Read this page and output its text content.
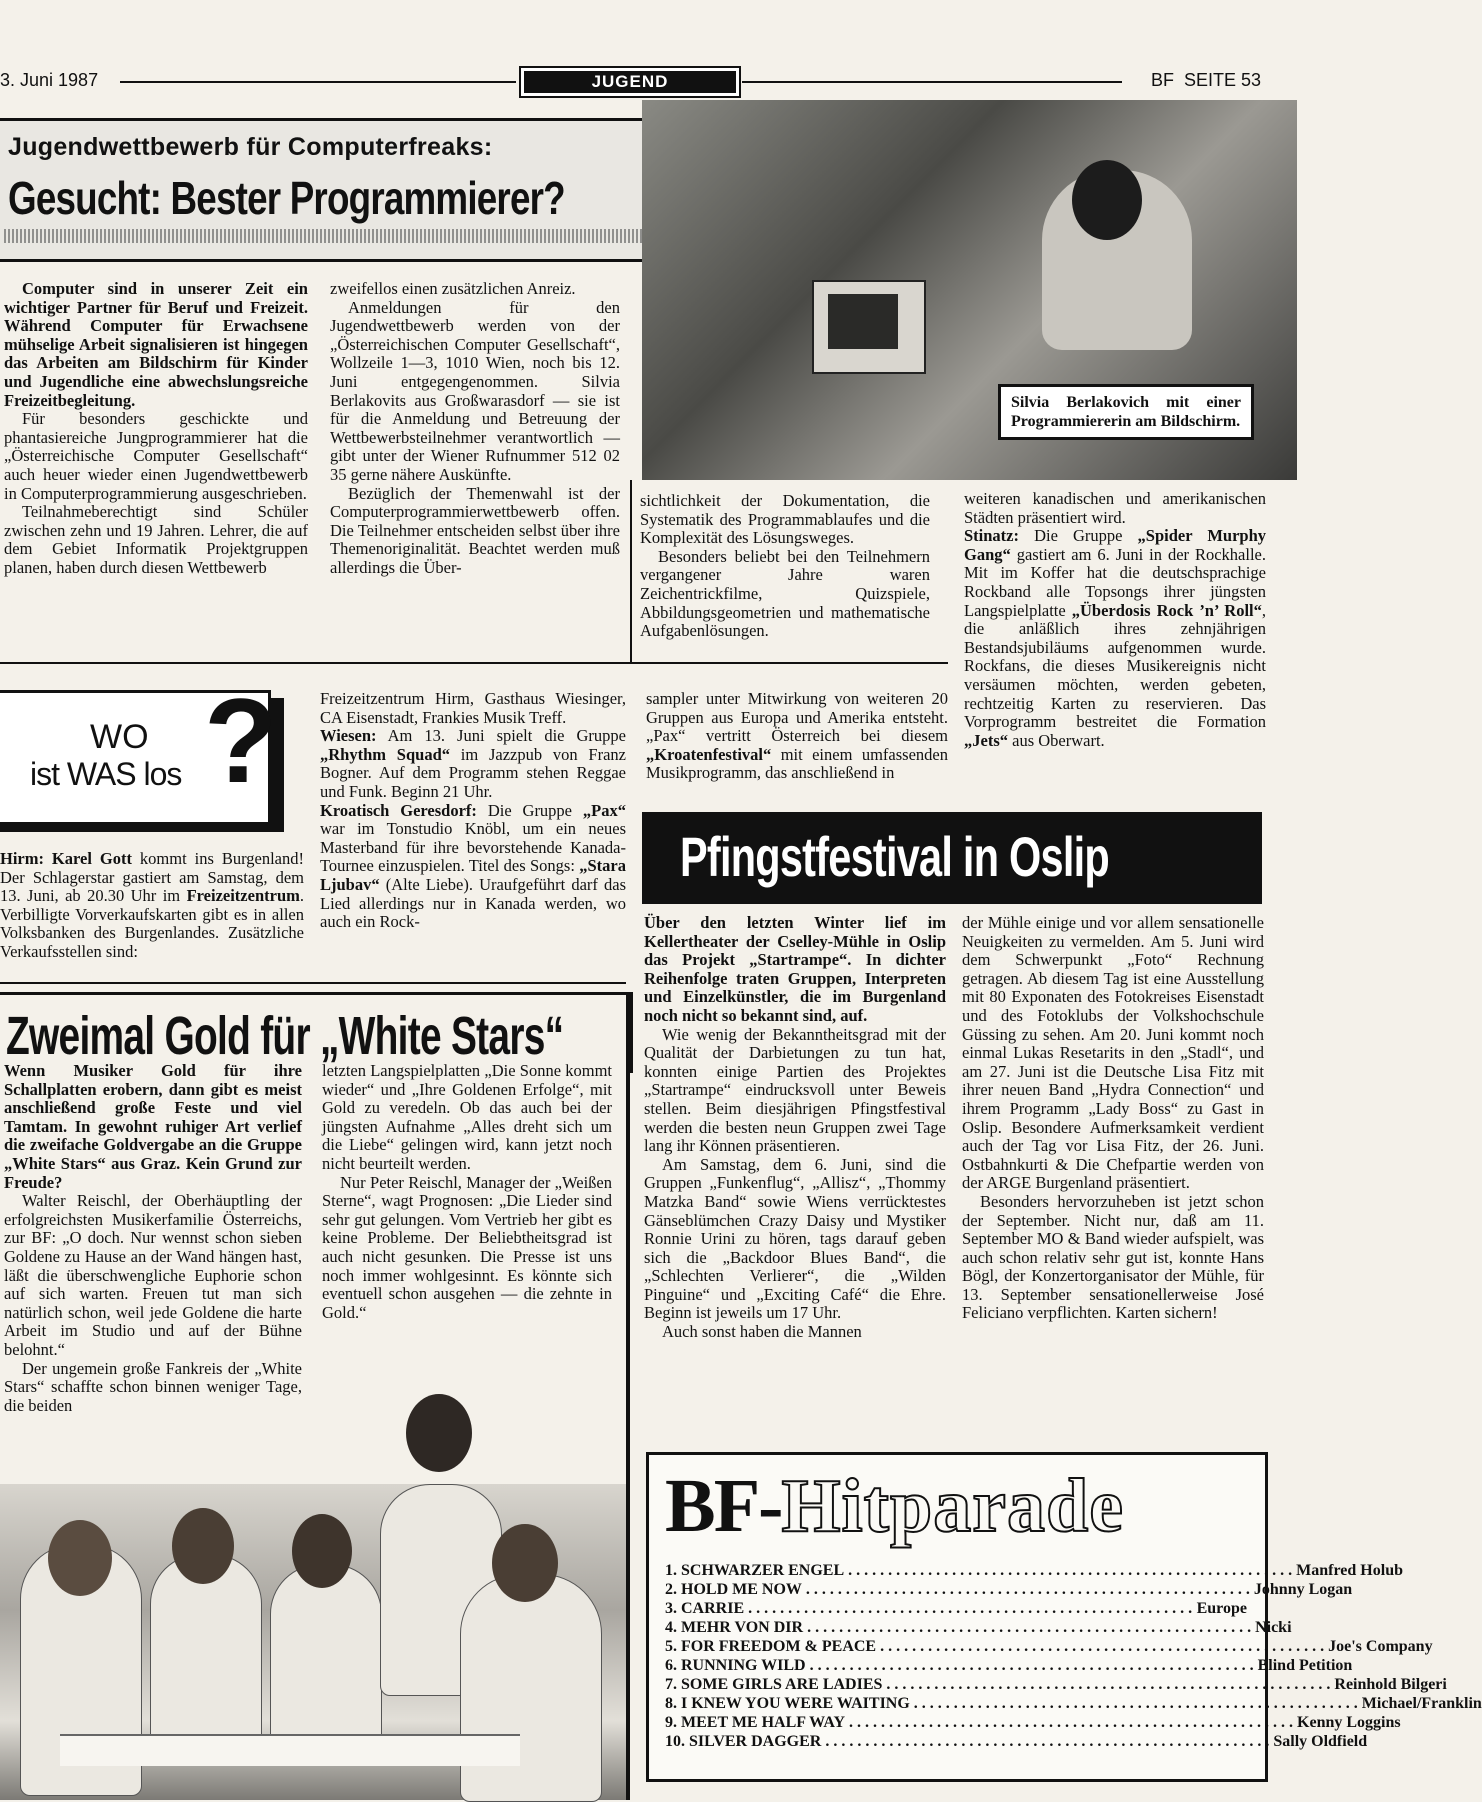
3. Juni 1987	JUGEND	BF  SEITE 53
Jugendwettbewerb für Computerfreaks:
Gesucht: Bester Programmierer?
Silvia Berlakovich mit einer Programmiererin am Bildschirm.

Computer sind in unserer Zeit ein wichtiger Partner für Beruf und Freizeit. Während Computer für Erwachsene mühselige Arbeit signalisieren ist hingegen das Arbeiten am Bildschirm für Kinder und Jugendliche eine abwechslungsreiche Freizeitbegleitung.

Für besonders geschickte und phantasiereiche Jungprogrammierer hat die „Österreichische Computer Gesellschaft“ auch heuer wieder einen Jugendwettbewerb in Computerprogrammierung ausgeschrieben.

Teilnahmeberechtigt sind Schüler zwischen zehn und 19 Jahren. Lehrer, die auf dem Gebiet Informatik Projektgruppen planen, haben durch diesen Wettbewerb

zweifellos einen zusätzlichen Anreiz.

Anmeldungen für den Jugendwettbewerb werden von der „Österreichischen Computer Gesellschaft“, Wollzeile 1—3, 1010 Wien, noch bis 12. Juni entgegengenommen. Silvia Berlakovits aus Großwarasdorf — sie ist für die Anmeldung und Betreuung der Wettbewerbsteilnehmer verantwortlich — gibt unter der Wiener Rufnummer 512 02 35 gerne nähere Auskünfte.

Bezüglich der Themenwahl ist der Computerprogrammierwettbewerb offen. Die Teilnehmer entscheiden selbst über ihre Themenoriginalität. Beachtet werden muß allerdings die Über-

sichtlichkeit der Dokumentation, die Systematik des Programmablaufes und die Komplexität des Lösungsweges.

Besonders beliebt bei den Teilnehmern vergangener Jahre waren Zeichentrickfilme, Quizspiele, Abbildungsgeometrien und mathematische Aufgabenlösungen.

WO
ist WAS los ?

Hirm: Karel Gott kommt ins Burgenland! Der Schlagerstar gastiert am Samstag, dem 13. Juni, ab 20.30 Uhr im Freizeitzentrum. Verbilligte Vorverkaufskarten gibt es in allen Volksbanken des Burgenlandes. Zusätzliche Verkaufsstellen sind:

Freizeitzentrum Hirm, Gasthaus Wiesinger, CA Eisenstadt, Frankies Musik Treff.

Wiesen: Am 13. Juni spielt die Gruppe „Rhythm Squad“ im Jazzpub von Franz Bogner. Auf dem Programm stehen Reggae und Funk. Beginn 21 Uhr.

Kroatisch Geresdorf: Die Gruppe „Pax“ war im Tonstudio Knöbl, um ein neues Masterband für ihre bevorstehende Kanada-Tournee einzuspielen. Titel des Songs: „Stara Ljubav“ (Alte Liebe). Uraufgeführt darf das Lied allerdings nur in Kanada werden, wo auch ein Rock-

sampler unter Mitwirkung von weiteren 20 Gruppen aus Europa und Amerika entsteht. „Pax“ vertritt Österreich bei diesem „Kroatenfestival“ mit einem umfassenden Musikprogramm, das anschließend in

weiteren kanadischen und amerikanischen Städten präsentiert wird.

Stinatz: Die Gruppe „Spider Murphy Gang“ gastiert am 6. Juni in der Rockhalle. Mit im Koffer hat die deutschsprachige Rockband alle Topsongs ihrer jüngsten Langspielplatte „Überdosis Rock ’n’ Roll“, die anläßlich ihres zehnjährigen Bestandsjubiläums aufgenommen wurde. Rockfans, die dieses Musikereignis nicht versäumen möchten, werden gebeten, rechtzeitig Karten zu reservieren. Das Vorprogramm bestreitet die Formation „Jets“ aus Oberwart.

Pfingstfestival in Oslip

Über den letzten Winter lief im Kellertheater der Cselley-Mühle in Oslip das Projekt „Startrampe“. In dichter Reihenfolge traten Gruppen, Interpreten und Einzelkünstler, die im Burgenland noch nicht so bekannt sind, auf.

Wie wenig der Bekanntheitsgrad mit der Qualität der Darbietungen zu tun hat, konnten einige Partien des Projektes „Startrampe“ eindrucksvoll unter Beweis stellen. Beim diesjährigen Pfingstfestival werden die besten neun Gruppen zwei Tage lang ihr Können präsentieren.

Am Samstag, dem 6. Juni, sind die Gruppen „Funkenflug“, „Allisz“, „Thommy Matzka Band“ sowie Wiens verrücktestes Gänseblümchen Crazy Daisy und Mystiker Ronnie Urini zu hören, tags darauf geben sich die „Backdoor Blues Band“, die „Schlechten Verlierer“, die „Wilden Pinguine“ und „Exciting Café“ die Ehre. Beginn ist jeweils um 17 Uhr.

Auch sonst haben die Mannen

der Mühle einige und vor allem sensationelle Neuigkeiten zu vermelden. Am 5. Juni wird dem Schwerpunkt „Foto“ Rechnung getragen. Ab diesem Tag ist eine Ausstellung mit 80 Exponaten des Fotokreises Eisenstadt und des Fotoklubs der Volkshochschule Güssing zu sehen. Am 20. Juni kommt noch einmal Lukas Resetarits in den „Stadl“, und am 27. Juni ist die Deutsche Lisa Fitz mit ihrer neuen Band „Hydra Connection“ und ihrem Programm „Lady Boss“ zu Gast in Oslip. Besondere Aufmerksamkeit verdient auch der Tag vor Lisa Fitz, der 26. Juni. Ostbahnkurti & Die Chefpartie werden von der ARGE Burgenland präsentiert.

Besonders hervorzuheben ist jetzt schon der September. Nicht nur, daß am 11. September MO & Band wieder aufspielt, was auch schon relativ sehr gut ist, konnte Hans Bögl, der Konzertorganisator der Mühle, für 13. September sensationellerweise José Feliciano verpflichten. Karten sichern!

Zweimal Gold für „White Stars“

Wenn Musiker Gold für ihre Schallplatten erobern, dann gibt es meist anschließend große Feste und viel Tamtam. In gewohnt ruhiger Art verlief die zweifache Goldvergabe an die Gruppe „White Stars“ aus Graz. Kein Grund zur Freude?

Walter Reischl, der Oberhäuptling der erfolgreichsten Musikerfamilie Österreichs, zur BF: „O doch. Nur wennst schon sieben Goldene zu Hause an der Wand hängen hast, läßt die überschwengliche Euphorie schon auf sich warten. Freuen tut man sich natürlich schon, weil jede Goldene die harte Arbeit im Studio und auf der Bühne belohnt.“

Der ungemein große Fankreis der „White Stars“ schaffte schon binnen weniger Tage, die beiden

letzten Langspielplatten „Die Sonne kommt wieder“ und „Ihre Goldenen Erfolge“, mit Gold zu veredeln. Ob das auch bei der jüngsten Aufnahme „Alles dreht sich um die Liebe“ gelingen wird, kann jetzt noch nicht beurteilt werden.

Nur Peter Reischl, Manager der „Weißen Sterne“, wagt Prognosen: „Die Lieder sind sehr gut gelungen. Vom Vertrieb her gibt es keine Probleme. Der Beliebtheitsgrad ist auch nicht gesunken. Die Presse ist uns noch immer wohlgesinnt. Es könnte sich eventuell schon ausgehen — die zehnte in Gold.“

BF-Hitparade
1. SCHWARZER ENGEL . . . . . . . . . . . . . . . . . . . . . . . . . . . . . . . . . . . . . . . . . . . . . . . . . . . . . . . . Manfred Holub
2. HOLD ME NOW . . . . . . . . . . . . . . . . . . . . . . . . . . . . . . . . . . . . . . . . . . . . . . . . . . . . . . . . Johnny Logan
3. CARRIE . . . . . . . . . . . . . . . . . . . . . . . . . . . . . . . . . . . . . . . . . . . . . . . . . . . . . . . . Europe
4. MEHR VON DIR . . . . . . . . . . . . . . . . . . . . . . . . . . . . . . . . . . . . . . . . . . . . . . . . . . . . . . . . Nicki
5. FOR FREEDOM & PEACE . . . . . . . . . . . . . . . . . . . . . . . . . . . . . . . . . . . . . . . . . . . . . . . . . . . . . . . . Joe's Company
6. RUNNING WILD . . . . . . . . . . . . . . . . . . . . . . . . . . . . . . . . . . . . . . . . . . . . . . . . . . . . . . . . Blind Petition
7. SOME GIRLS ARE LADIES . . . . . . . . . . . . . . . . . . . . . . . . . . . . . . . . . . . . . . . . . . . . . . . . . . . . . . . . Reinhold Bilgeri
8. I KNEW YOU WERE WAITING . . . . . . . . . . . . . . . . . . . . . . . . . . . . . . . . . . . . . . . . . . . . . . . . . . . . . . . . Michael/Franklin
9. MEET ME HALF WAY . . . . . . . . . . . . . . . . . . . . . . . . . . . . . . . . . . . . . . . . . . . . . . . . . . . . . . . . Kenny Loggins
10. SILVER DAGGER . . . . . . . . . . . . . . . . . . . . . . . . . . . . . . . . . . . . . . . . . . . . . . . . . . . . . . . . Sally Oldfield
